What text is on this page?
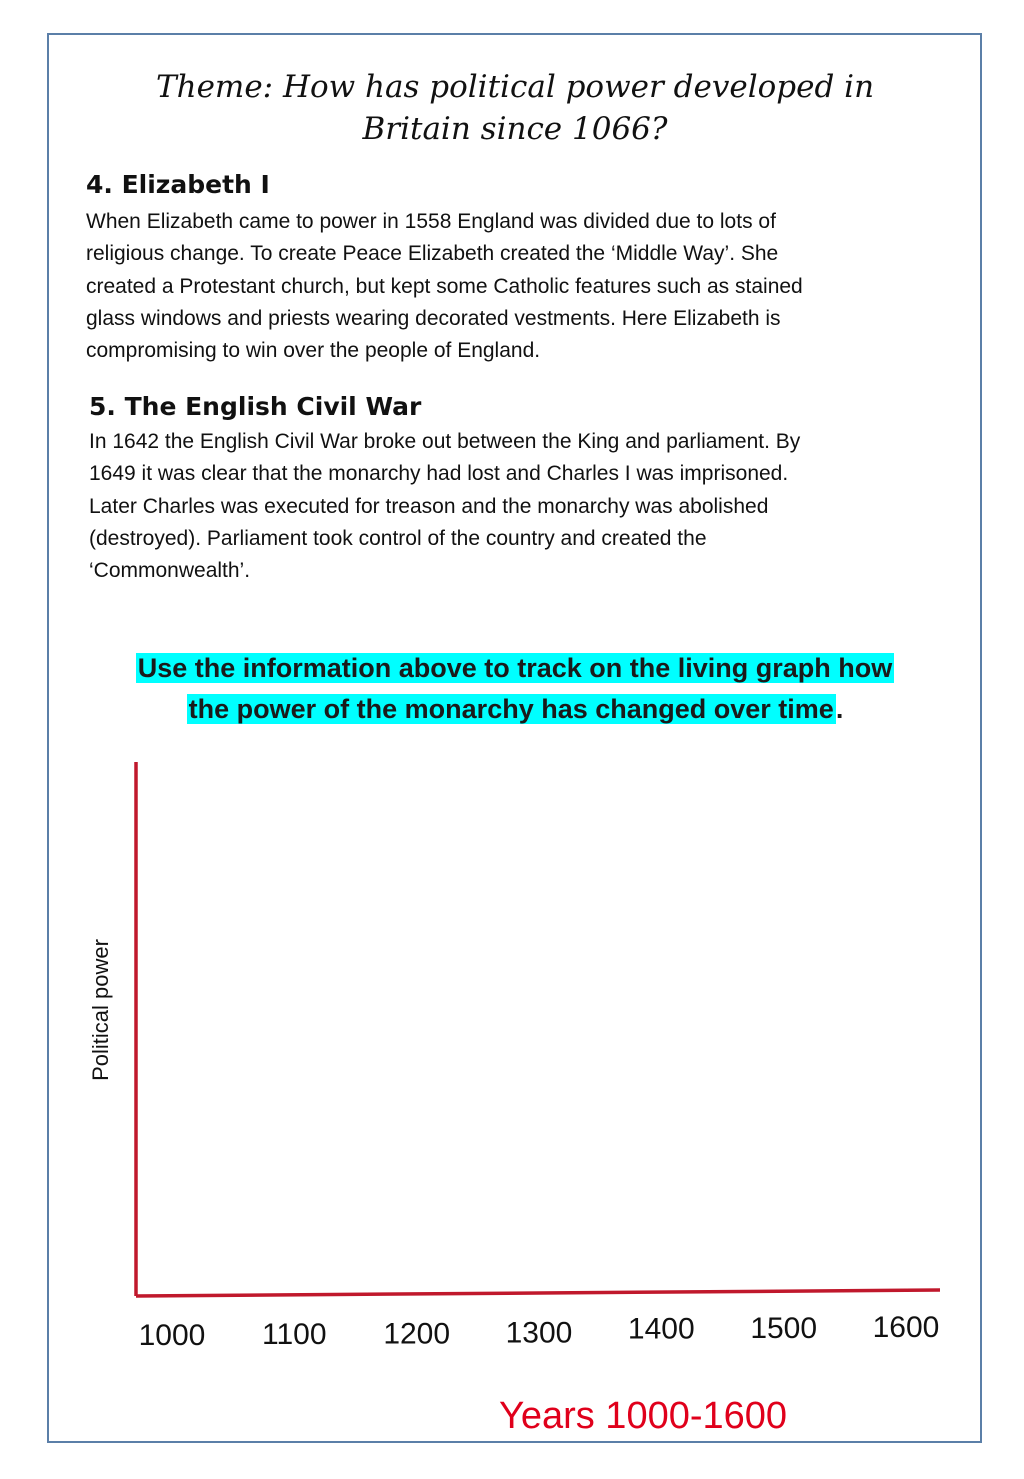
Theme: How has political power developed in
Britain since 1066?
4. Elizabeth I
When Elizabeth came to power in 1558 England was divided due to lots of
religious change. To create Peace Elizabeth created the ‘Middle Way’. She
created a Protestant church, but kept some Catholic features such as stained
glass windows and priests wearing decorated vestments. Here Elizabeth is
compromising to win over the people of England.
5. The English Civil War
In 1642 the English Civil War broke out between the King and parliament. By
1649 it was clear that the monarchy had lost and Charles I was imprisoned.
Later Charles was executed for treason and the monarchy was abolished
(destroyed). Parliament took control of the country and created the
‘Commonwealth’.
Use the information above to track on the living graph how
the power of the monarchy has changed over time.
Political power
1000 1100 1200 1300 1400 1500 1600
Years 1000-1600
